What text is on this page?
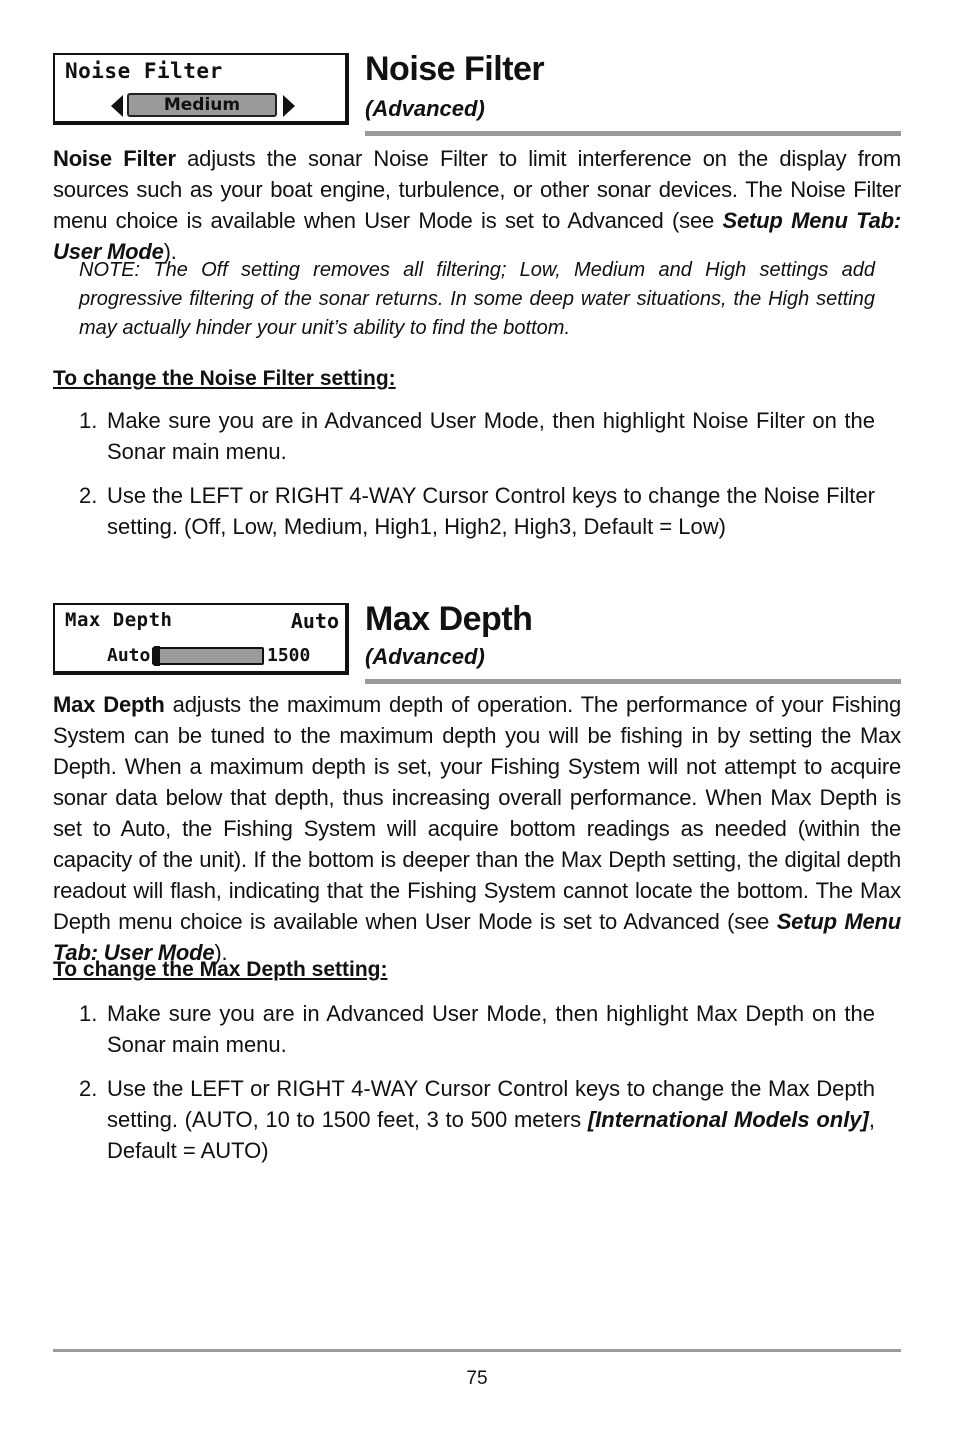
Noise Filter
Medium
Noise Filter
(Advanced)

Noise Filter adjusts the sonar Noise Filter to limit interference on the display from sources such as your boat engine, turbulence, or other sonar devices. The Noise Filter menu choice is available when User Mode is set to Advanced (see Setup Menu Tab: User Mode).

NOTE: The Off setting removes all filtering; Low, Medium and High settings add progressive filtering of the sonar returns. In some deep water situations, the High setting may actually hinder your unit’s ability to find the bottom.

To change the Noise Filter setting:
1. Make sure you are in Advanced User Mode, then highlight Noise Filter on the Sonar main menu.
2. Use the LEFT or RIGHT 4-WAY Cursor Control keys to change the Noise Filter setting. (Off, Low, Medium, High1, High2, High3, Default = Low)
Max Depth	Auto
Auto	1500
Max Depth
(Advanced)

Max Depth adjusts the maximum depth of operation. The performance of your Fishing System can be tuned to the maximum depth you will be fishing in by setting the Max Depth. When a maximum depth is set, your Fishing System will not attempt to acquire sonar data below that depth, thus increasing overall performance. When Max Depth is set to Auto, the Fishing System will acquire bottom readings as needed (within the capacity of the unit). If the bottom is deeper than the Max Depth setting, the digital depth readout will flash, indicating that the Fishing System cannot locate the bottom. The Max Depth menu choice is available when User Mode is set to Advanced (see Setup Menu Tab: User Mode).

To change the Max Depth setting:
1. Make sure you are in Advanced User Mode, then highlight Max Depth on the Sonar main menu.
2. Use the LEFT or RIGHT 4-WAY Cursor Control keys to change the Max Depth setting. (AUTO, 10 to 1500 feet, 3 to 500 meters [International Models only], Default = AUTO)
75
